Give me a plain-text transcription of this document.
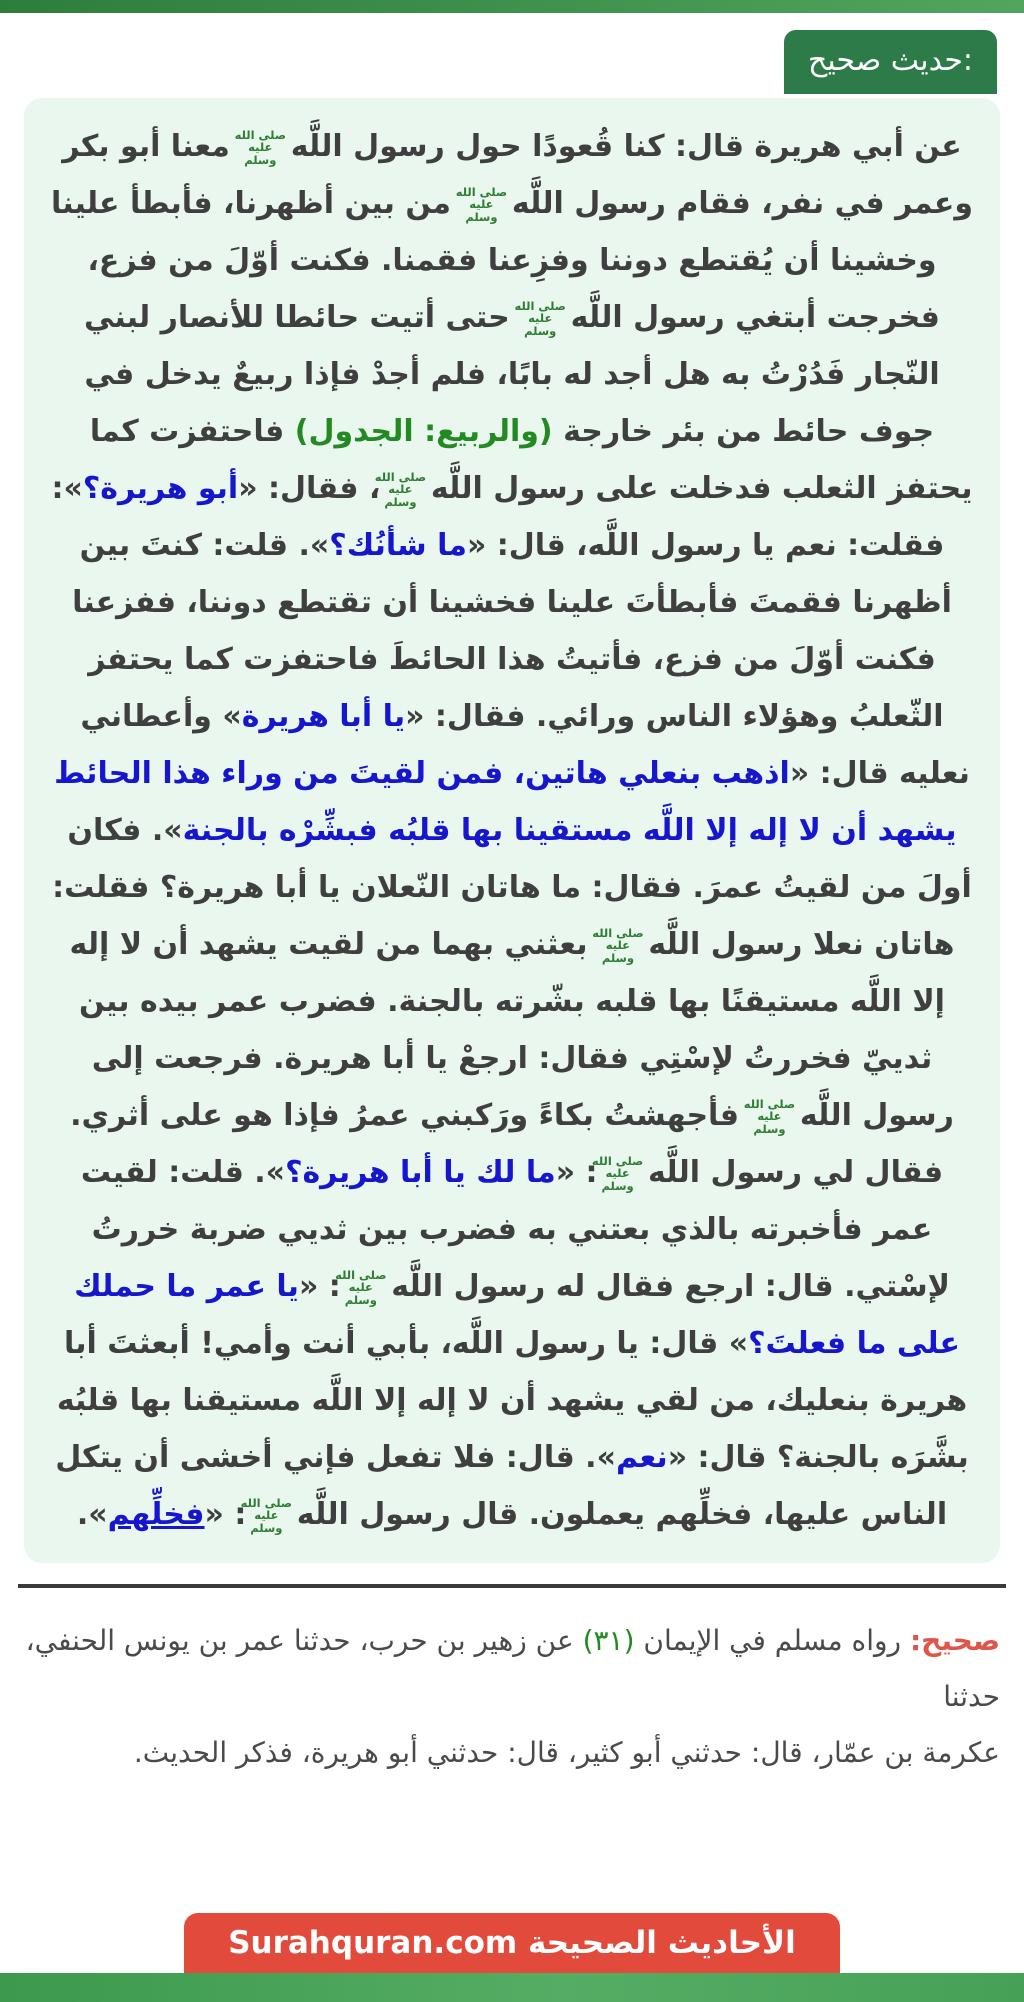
حديث صحيح:

عن أبي هريرة قال: كنا قُعودًا حول رسول اللَّه
صلى الله
عليه
وسلم
معنا أبو بكر وعمر في نفر، فقام رسول اللَّه
صلى الله
عليه
وسلم
من بين أظهرنا، فأبطأ علينا وخشينا أن يُقتطع دوننا وفزِعنا فقمنا. فكنت أوّلَ من فزع، فخرجت أبتغي رسول اللَّه
صلى الله
عليه
وسلم
حتى أتيت حائطا للأنصار لبني النّجار فَدُرْتُ به هل أجد له بابًا، فلم أجدْ فإذا ربيعٌ يدخل في جوف حائط من بئر خارجة (والربيع: الجدول) فاحتفزت كما يحتفز الثعلب فدخلت على رسول اللَّه
صلى الله
عليه
وسلم
، فقال: «أبو هريرة؟»: فقلت: نعم يا رسول اللَّه، قال: «ما شأنُك؟». قلت: كنتَ بين أظهرنا فقمتَ فأبطأتَ علينا فخشينا أن تقتطع دوننا، ففزعنا فكنت أوّلَ من فزع، فأتيتُ هذا الحائطَ فاحتفزت كما يحتفز الثّعلبُ وهؤلاء الناس ورائي. فقال: «يا أبا هريرة» وأعطاني نعليه قال: «اذهب بنعلي هاتين، فمن لقيتَ من وراء هذا الحائط يشهد أن لا إله إلا اللَّه مستقينا بها قلبُه فبشِّرْه بالجنة». فكان أولَ من لقيتُ عمرَ. فقال: ما هاتان النّعلان يا أبا هريرة؟ فقلت: هاتان نعلا رسول اللَّه
صلى الله
عليه
وسلم
بعثني بهما من لقيت يشهد أن لا إله إلا اللَّه مستيقنًا بها قلبه بشّرته بالجنة. فضرب عمر بيده بين ثدييّ فخررتُ لإسْتِي فقال: ارجعْ يا أبا هريرة. فرجعت إلى رسول اللَّه
صلى الله
عليه
وسلم
فأجهشتُ بكاءً ورَكبني عمرُ فإذا هو على أثري. فقال لي رسول اللَّه
صلى الله
عليه
وسلم
: «ما لك يا أبا هريرة؟». قلت: لقيت عمر فأخبرته بالذي بعتني به فضرب بين ثديي ضربة خررتُ لإسْتي. قال: ارجع فقال له رسول اللَّه
صلى الله
عليه
وسلم
: «يا عمر ما حملك على ما فعلتَ؟» قال: يا رسول اللَّه، بأبي أنت وأمي! أبعثتَ أبا هريرة بنعليك، من لقي يشهد أن لا إله إلا اللَّه مستيقنا بها قلبُه بشَّرَه بالجنة؟ قال: «نعم». قال: فلا تفعل فإني أخشى أن يتكل الناس عليها، فخلِّهم يعملون. قال رسول اللَّه
صلى الله
عليه
وسلم
: «فخلِّهم».

صحيح: رواه مسلم في الإيمان (٣١) عن زهير بن حرب، حدثنا عمر بن يونس الحنفي، حدثنا

عكرمة بن عمّار، قال: حدثني أبو كثير، قال: حدثني أبو هريرة، فذكر الحديث.

الأحاديث الصحيحة Surahquran.com
